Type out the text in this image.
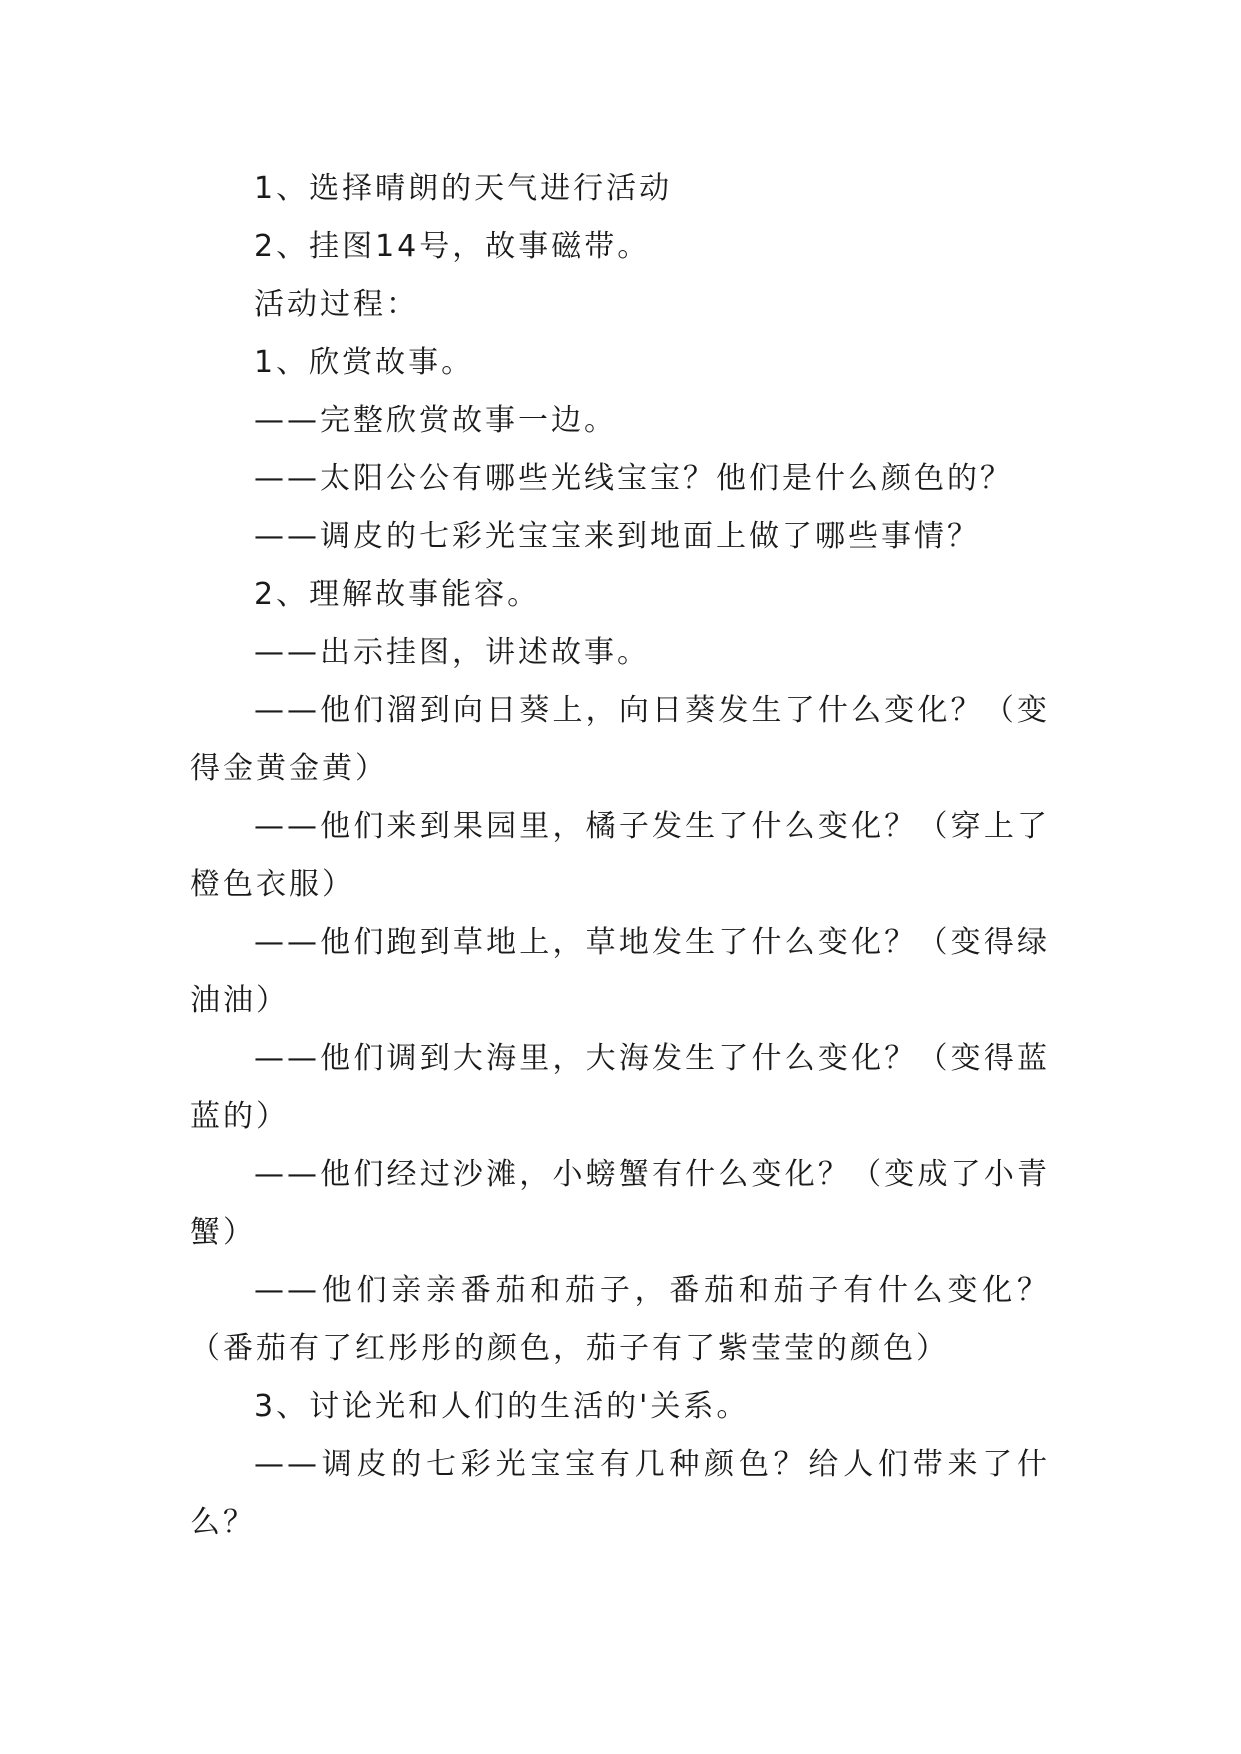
1、选择晴朗的天气进行活动

2、挂图14号，故事磁带。

活动过程：

1、欣赏故事。

——完整欣赏故事一边。

——太阳公公有哪些光线宝宝？他们是什么颜色的？

——调皮的七彩光宝宝来到地面上做了哪些事情？

2、理解故事能容。

——出示挂图，讲述故事。

——他们溜到向日葵上，向日葵发生了什么变化？（变得金黄金黄）

——他们来到果园里，橘子发生了什么变化？（穿上了橙色衣服）

——他们跑到草地上，草地发生了什么变化？（变得绿油油）

——他们调到大海里，大海发生了什么变化？（变得蓝蓝的）

——他们经过沙滩，小螃蟹有什么变化？（变成了小青蟹）

——他们亲亲番茄和茄子，番茄和茄子有什么变化？（番茄有了红彤彤的颜色，茄子有了紫莹莹的颜色）

3、讨论光和人们的生活的'关系。

——调皮的七彩光宝宝有几种颜色？给人们带来了什么？
